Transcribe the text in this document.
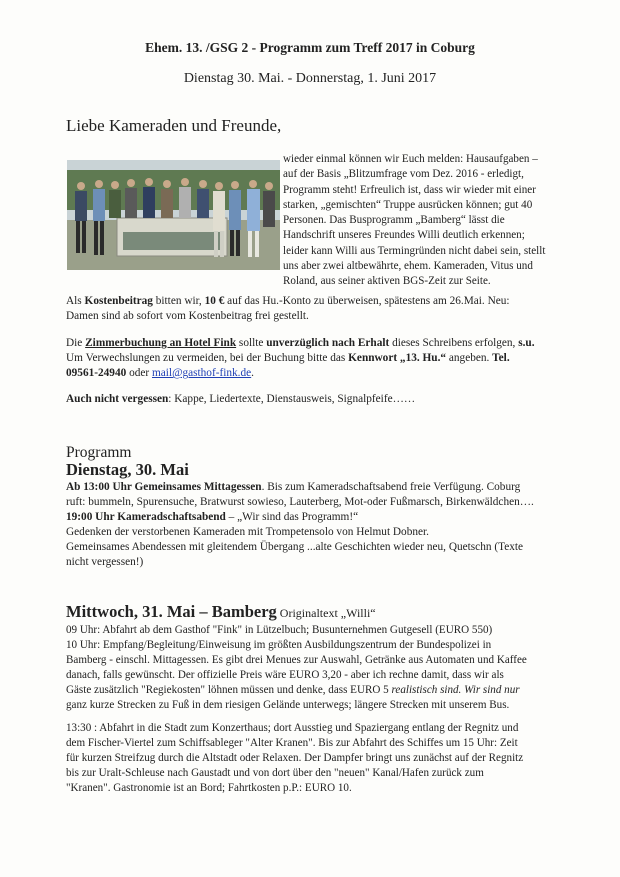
Ehem. 13. /GSG 2 - Programm zum Treff 2017 in Coburg
Dienstag 30. Mai. - Donnerstag, 1. Juni 2017
Liebe Kameraden und Freunde,
wieder einmal können wir Euch melden: Hausaufgaben –
auf der Basis „Blitzumfrage vom Dez. 2016 - erledigt,
Programm steht! Erfreulich ist, dass wir wieder mit einer
starken, „gemischten“ Truppe ausrücken können; gut 40
Personen. Das Busprogramm „Bamberg“ lässt die
Handschrift unseres Freundes Willi deutlich erkennen;
leider kann Willi aus Termingründen nicht dabei sein, stellt
uns aber zwei altbewährte, ehem. Kameraden, Vitus und
Roland, aus seiner aktiven BGS-Zeit zur Seite.
Als Kostenbeitrag bitten wir, 10 € auf das Hu.-Konto zu überweisen, spätestens am 26.Mai. Neu:
Damen sind ab sofort vom Kostenbeitrag frei gestellt.
Die Zimmerbuchung an Hotel Fink sollte unverzüglich nach Erhalt dieses Schreibens erfolgen, s.u.
Um Verwechslungen zu vermeiden, bei der Buchung bitte das Kennwort „13. Hu.“ angeben. Tel.
09561-24940 oder mail@gasthof-fink.de.
Auch nicht vergessen: Kappe, Liedertexte, Dienstausweis, Signalpfeife……
Programm
Dienstag, 30. Mai
Ab 13:00 Uhr Gemeinsames Mittagessen. Bis zum Kameradschaftsabend freie Verfügung. Coburg
ruft: bummeln, Spurensuche, Bratwurst sowieso, Lauterberg, Mot-oder Fußmarsch, Birkenwäldchen….
19:00 Uhr Kameradschaftsabend – „Wir sind das Programm!“
Gedenken der verstorbenen Kameraden mit Trompetensolo von Helmut Dobner.
Gemeinsames Abendessen mit gleitendem Übergang ...alte Geschichten wieder neu, Quetschn (Texte
nicht vergessen!)
Mittwoch, 31. Mai – Bamberg Originaltext „Willi“
09 Uhr: Abfahrt ab dem Gasthof "Fink" in Lützelbuch; Busunternehmen Gutgesell (EURO 550)
10 Uhr: Empfang/Begleitung/Einweisung im größten Ausbildungszentrum der Bundespolizei in
Bamberg - einschl. Mittagessen. Es gibt drei Menues zur Auswahl, Getränke aus Automaten und Kaffee
danach, falls gewünscht. Der offizielle Preis wäre EURO 3,20 - aber ich rechne damit, dass wir als
Gäste zusätzlich "Regiekosten" löhnen müssen und denke, dass EURO 5 realistisch sind. Wir sind nur
ganz kurze Strecken zu Fuß in dem riesigen Gelände unterwegs; längere Strecken mit unserem Bus.
13:30 : Abfahrt in die Stadt zum Konzerthaus; dort Ausstieg und Spaziergang entlang der Regnitz und
dem Fischer-Viertel zum Schiffsableger "Alter Kranen". Bis zur Abfahrt des Schiffes um 15 Uhr: Zeit
für kurzen Streifzug durch die Altstadt oder Relaxen. Der Dampfer bringt uns zunächst auf der Regnitz
bis zur Uralt-Schleuse nach Gaustadt und von dort über den "neuen" Kanal/Hafen zurück zum
"Kranen". Gastronomie ist an Bord; Fahrtkosten p.P.: EURO 10.
